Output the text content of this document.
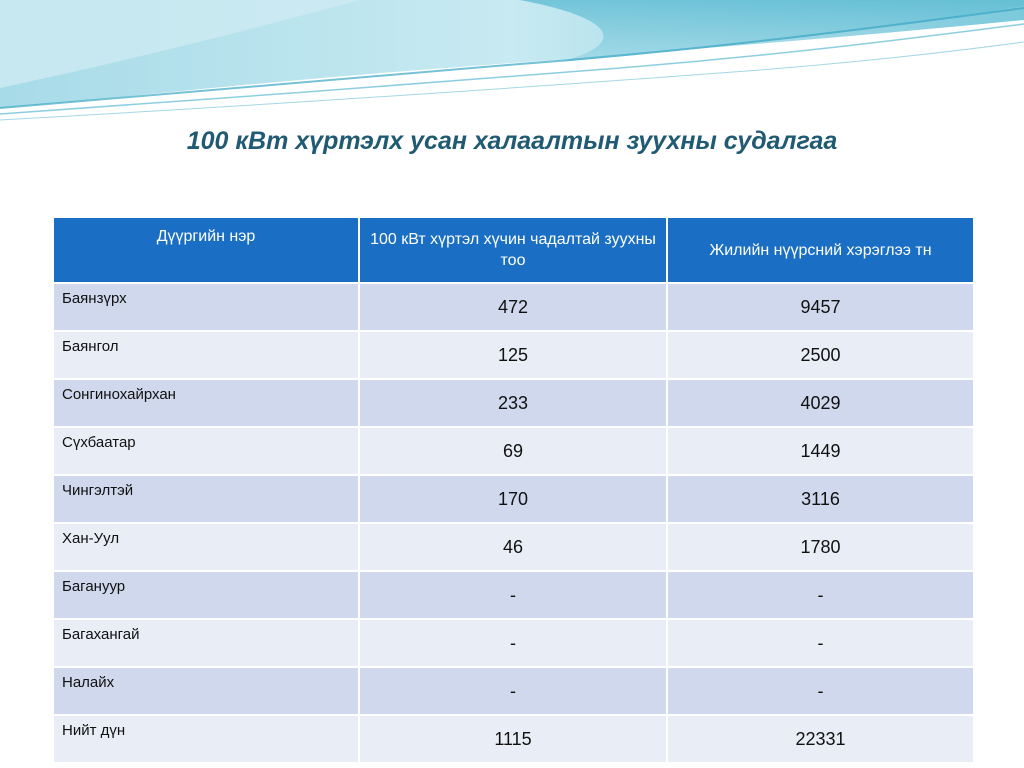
100 кВт хүртэлх усан халаалтын зуухны судалгаа
Дүүргийн нэр	100 кВт хүртэл хүчин чадалтай зуухны тоо	Жилийн нүүрсний хэрэглээ тн
Баянзүрх	472	9457
Баянгол	125	2500
Сонгинохайрхан	233	4029
Сүхбаатар	69	1449
Чингэлтэй	170	3116
Хан-Уул	46	1780
Багануур	-	-
Багахангай	-	-
Налайх	-	-
Нийт дүн	1115	22331
